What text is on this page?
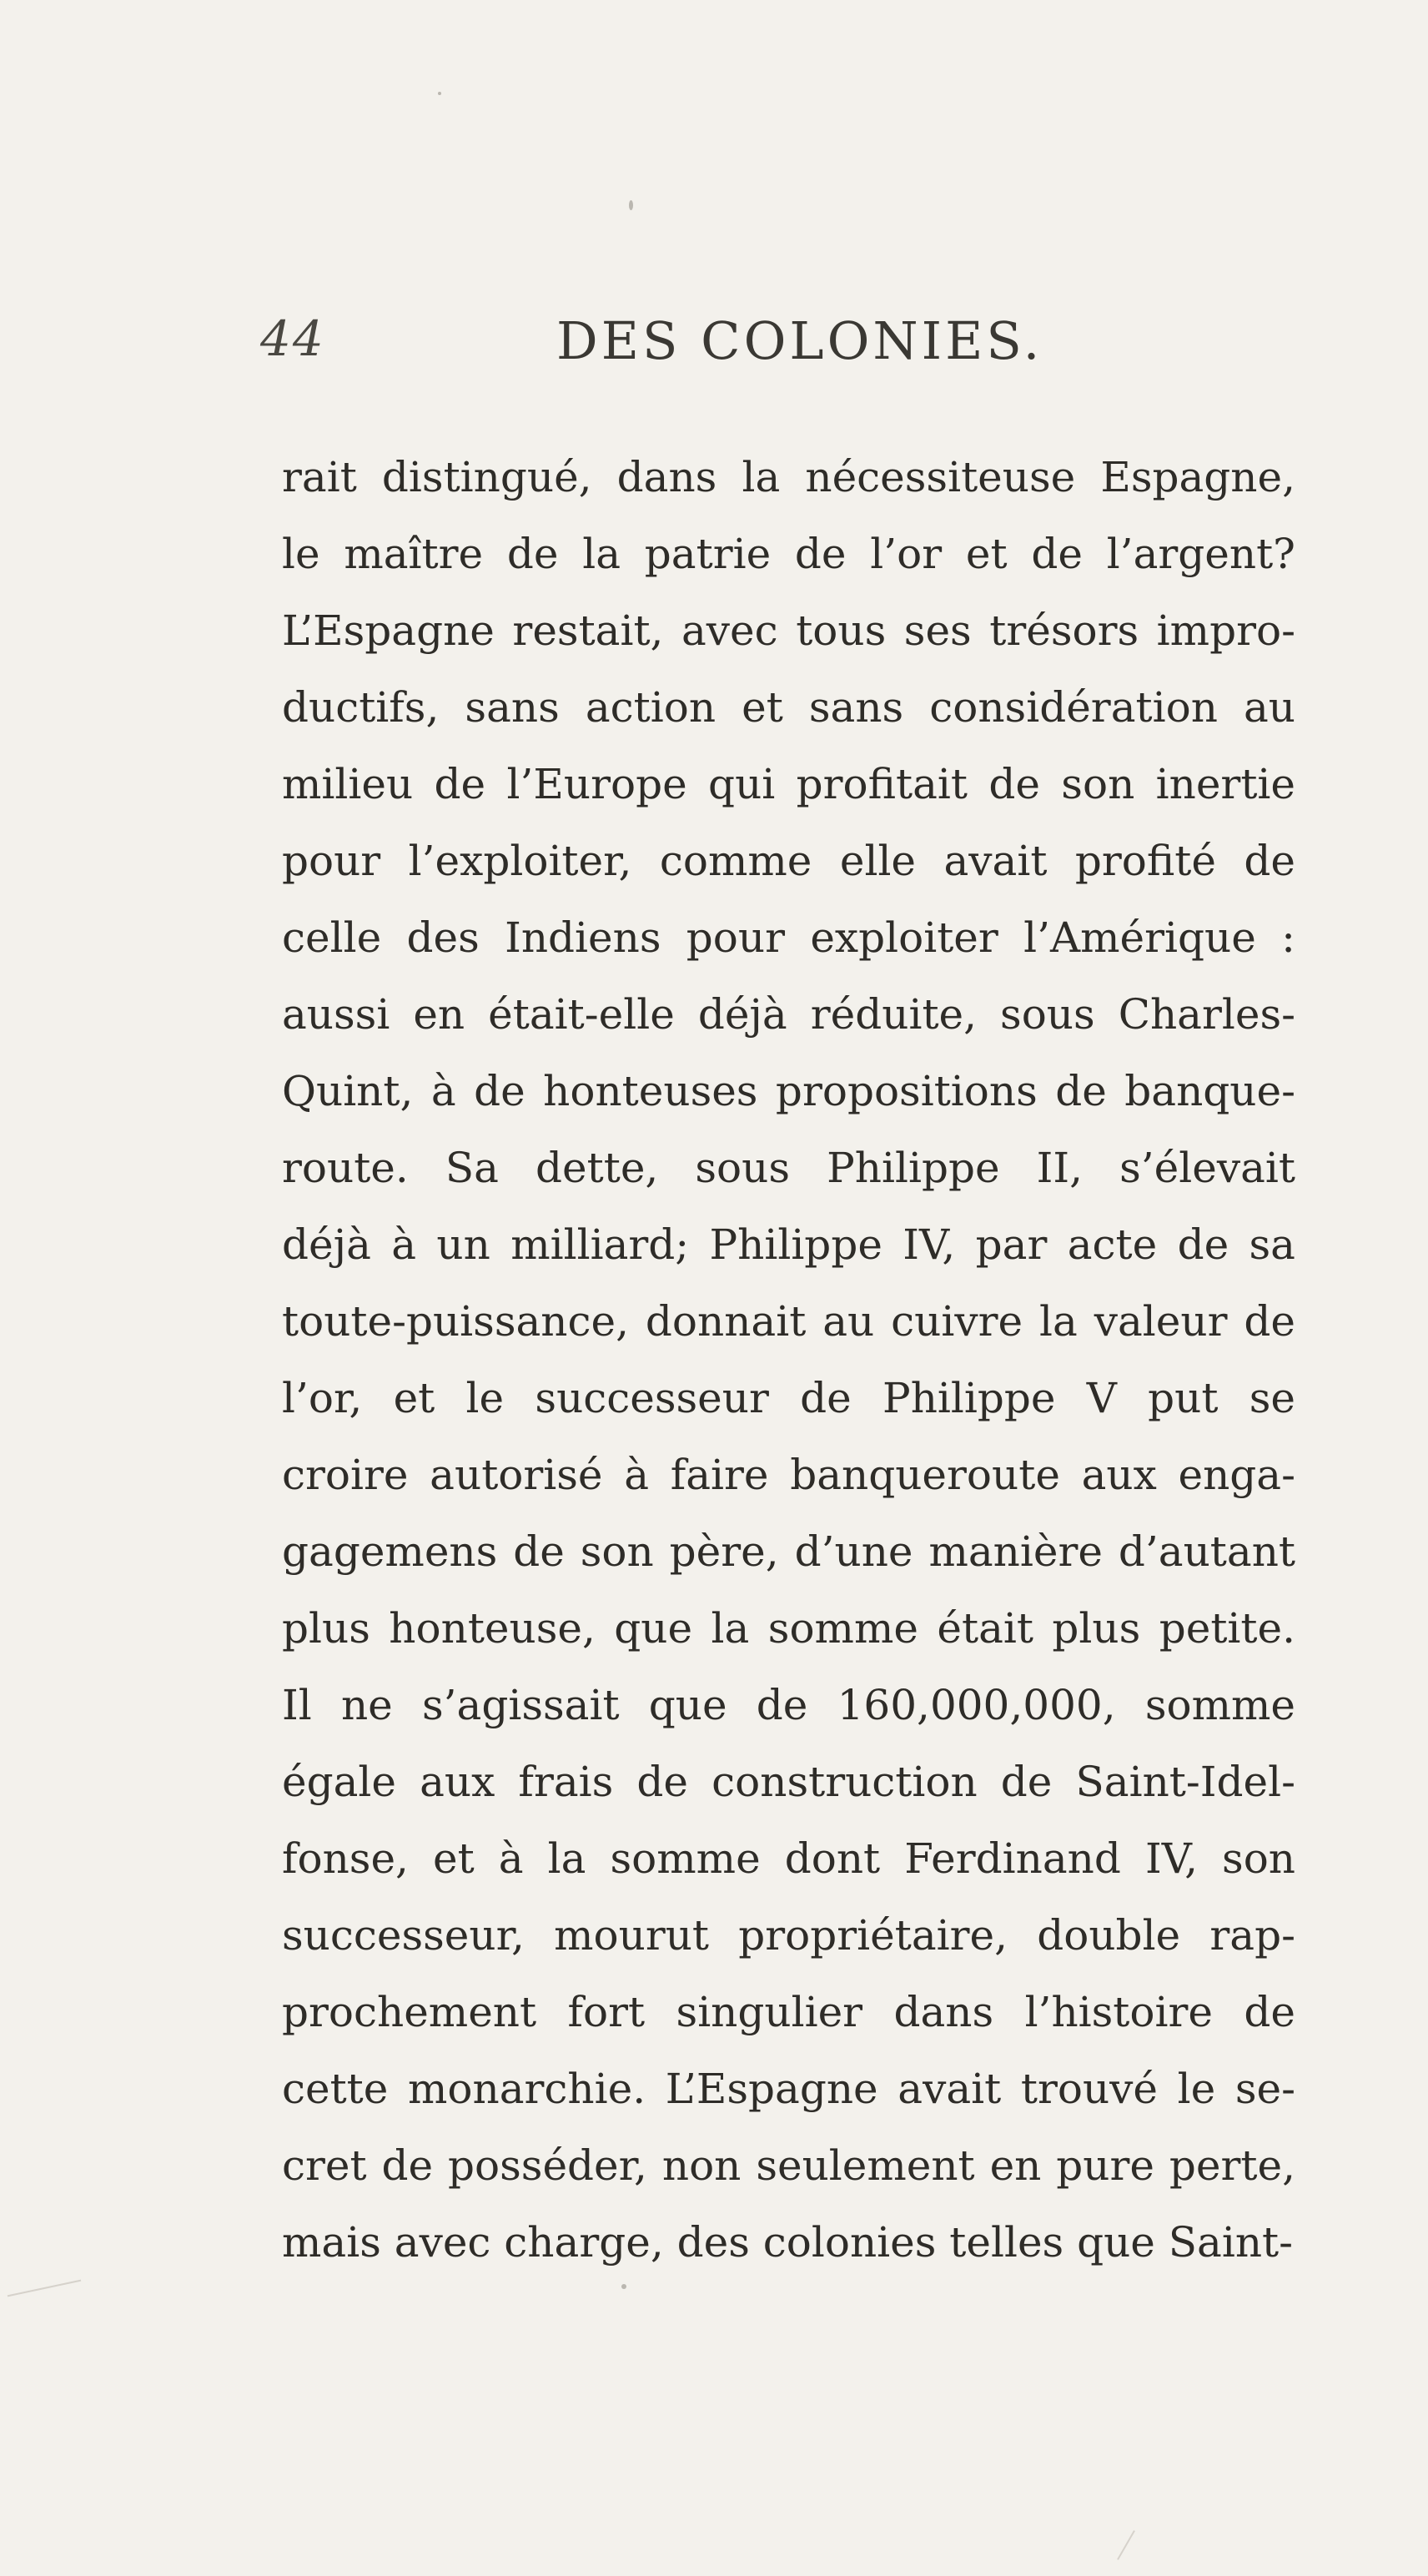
44	DES COLONIES.
rait distingué, dans la nécessiteuse Espagne,
le maître de la patrie de l’or et de l’argent?
L’Espagne restait, avec tous ses trésors impro-
ductifs, sans action et sans considération au
milieu de l’Europe qui profitait de son inertie
pour l’exploiter, comme elle avait profité de
celle des Indiens pour exploiter l’Amérique :
aussi en était-elle déjà réduite, sous Charles-
Quint, à de honteuses propositions de banque-
route. Sa dette, sous Philippe II, s’élevait
déjà à un milliard; Philippe IV, par acte de sa
toute-puissance, donnait au cuivre la valeur de
l’or, et le successeur de Philippe V put se
croire autorisé à faire banqueroute aux enga-
gagemens de son père, d’une manière d’autant
plus honteuse, que la somme était plus petite.
Il ne s’agissait que de 160,000,000, somme
égale aux frais de construction de Saint-Idel-
fonse, et à la somme dont Ferdinand IV, son
successeur, mourut propriétaire, double rap-
prochement fort singulier dans l’histoire de
cette monarchie. L’Espagne avait trouvé le se-
cret de posséder, non seulement en pure perte,
mais avec charge, des colonies telles que Saint-
